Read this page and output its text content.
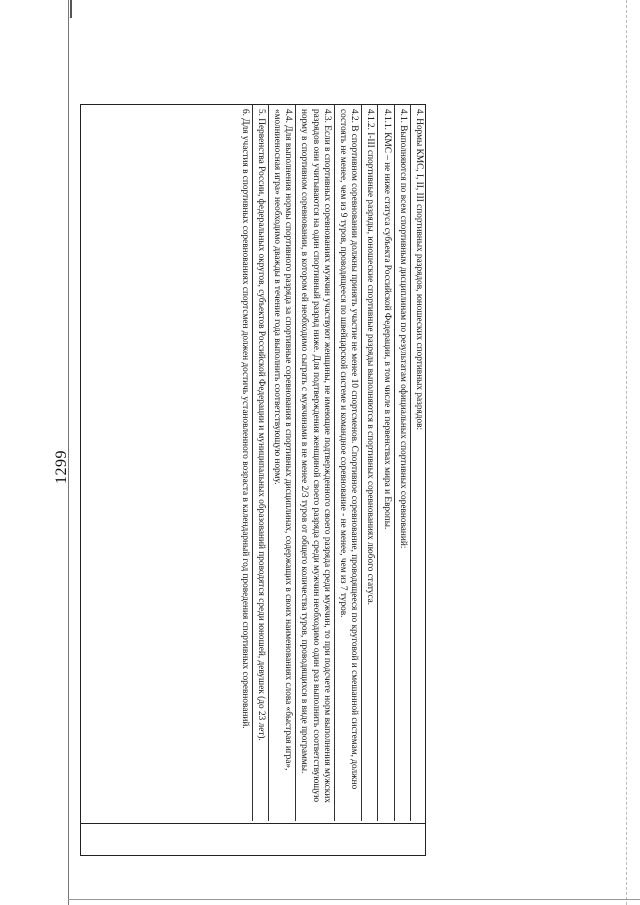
1299

4. Нормы КМС, I, II, III спортивных разрядов, юношеских спортивных разрядов:

4.1. Выполняются по всем спортивным дисциплинам по результатам официальных спортивных соревнований:

4.1.1. КМС – не ниже статуса субъекта Российской Федерации, в том числе в первенствах мира и Европы.

4.1.2. I-III спортивные разряды, юношеские спортивные разряды выполняются в спортивных соревнованиях любого статуса.

4.2. В спортивном соревновании должны принять участие не менее 10 спортсменов. Спортивное соревнование, проводящееся по круговой и смешанной системам, должно состоять не менее, чем из 9 туров, проводящееся по швейцарской системе и командное соревнование - не менее, чем из 7 туров.

4.3. Если в спортивных соревнованиях мужчин участвуют женщины, не имеющие подтвержденного своего разряда среди мужчин, то при подсчете норм выполнения мужских разрядов они учитываются на один спортивный разряд ниже. Для подтверждения женщиной своего разряда среди мужчин необходимо один раз выполнить соответствующую норму в спортивном соревновании, в котором ей необходимо сыграть с мужчинами в не менее 2/3 туров от общего количества туров, проводящихся в виде программы.

4.4. Для выполнения нормы спортивного разряда за спортивные соревнования в спортивных дисциплинах, содержащих в своих наименованиях слова «быстрая игра», «молниеносная игра» необходимо дважды в течение года выполнить соответствующую норму.

5. Первенства России, федеральных округов, субъектов Российской Федерации и муниципальных образований проводятся среди юношей, девушек (до 23 лет).

6. Для участия в спортивных соревнованиях спортсмен должен достичь установленного возраста в календарный год проведения спортивных соревнований.
